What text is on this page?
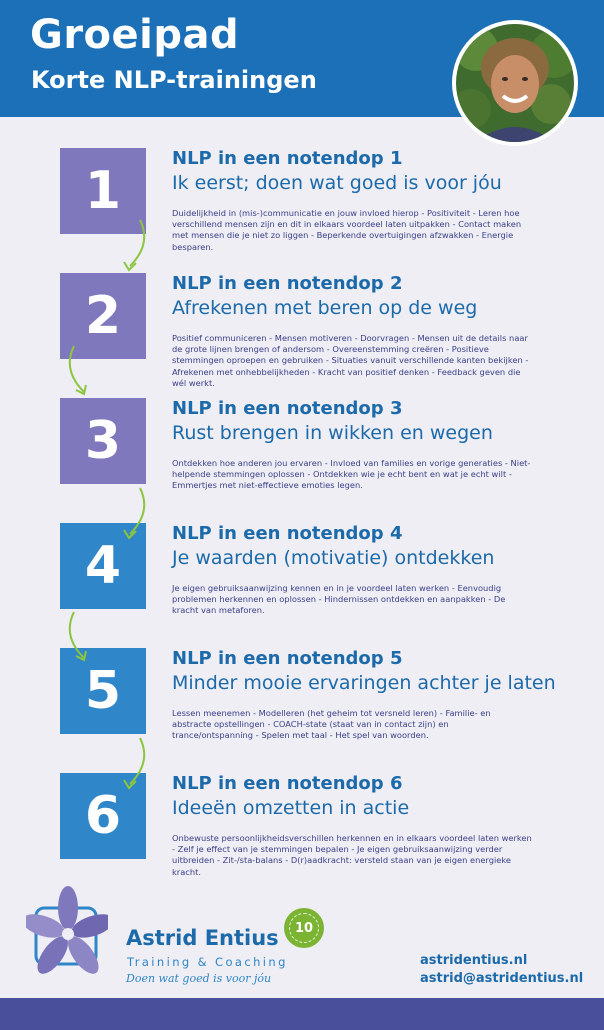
Groeipad
Korte NLP-trainingen
1
NLP in een notendop 1
Ik eerst; doen wat goed is voor jóu
Duidelijkheid in (mis-)communicatie en jouw invloed hierop - Positiviteit - Leren hoe verschillend mensen zijn en dit in elkaars voordeel laten uitpakken - Contact maken met mensen die je niet zo liggen - Beperkende overtuigingen afzwakken - Energie besparen.
2
NLP in een notendop 2
Afrekenen met beren op de weg
Positief communiceren - Mensen motiveren - Doorvragen - Mensen uit de details naar de grote lijnen brengen of andersom - Overeenstemming creëren - Positieve stemmingen oproepen en gebruiken - Situaties vanuit verschillende kanten bekijken - Afrekenen met onhebbelijkheden - Kracht van positief denken - Feedback geven die wél werkt.
3
NLP in een notendop 3
Rust brengen in wikken en wegen
Ontdekken hoe anderen jou ervaren - Invloed van families en vorige generaties - Niet-helpende stemmingen oplossen - Ontdekken wie je echt bent en wat je echt wilt - Emmertjes met niet-effectieve emoties legen.
4
NLP in een notendop 4
Je waarden (motivatie) ontdekken
Je eigen gebruiksaanwijzing kennen en in je voordeel laten werken - Eenvoudig problemen herkennen en oplossen - Hindernissen ontdekken en aanpakken - De kracht van metaforen.
5
NLP in een notendop 5
Minder mooie ervaringen achter je laten
Lessen meenemen - Modelleren (het geheim tot versneld leren) - Familie- en abstracte opstellingen - COACH-state (staat van in contact zijn) en trance/ontspanning - Spelen met taal - Het spel van woorden.
6
NLP in een notendop 6
Ideeën omzetten in actie
Onbewuste persoonlijkheidsverschillen herkennen en in elkaars voordeel laten werken - Zelf je effect van je stemmingen bepalen - Je eigen gebruiksaanwijzing verder uitbreiden - Zit-/sta-balans - D(r)aadkracht: versteld staan van je eigen energieke kracht.
Astrid Entius
Training & Coaching
Doen wat goed is voor jóu
10
astridentius.nl
astrid@astridentius.nl
